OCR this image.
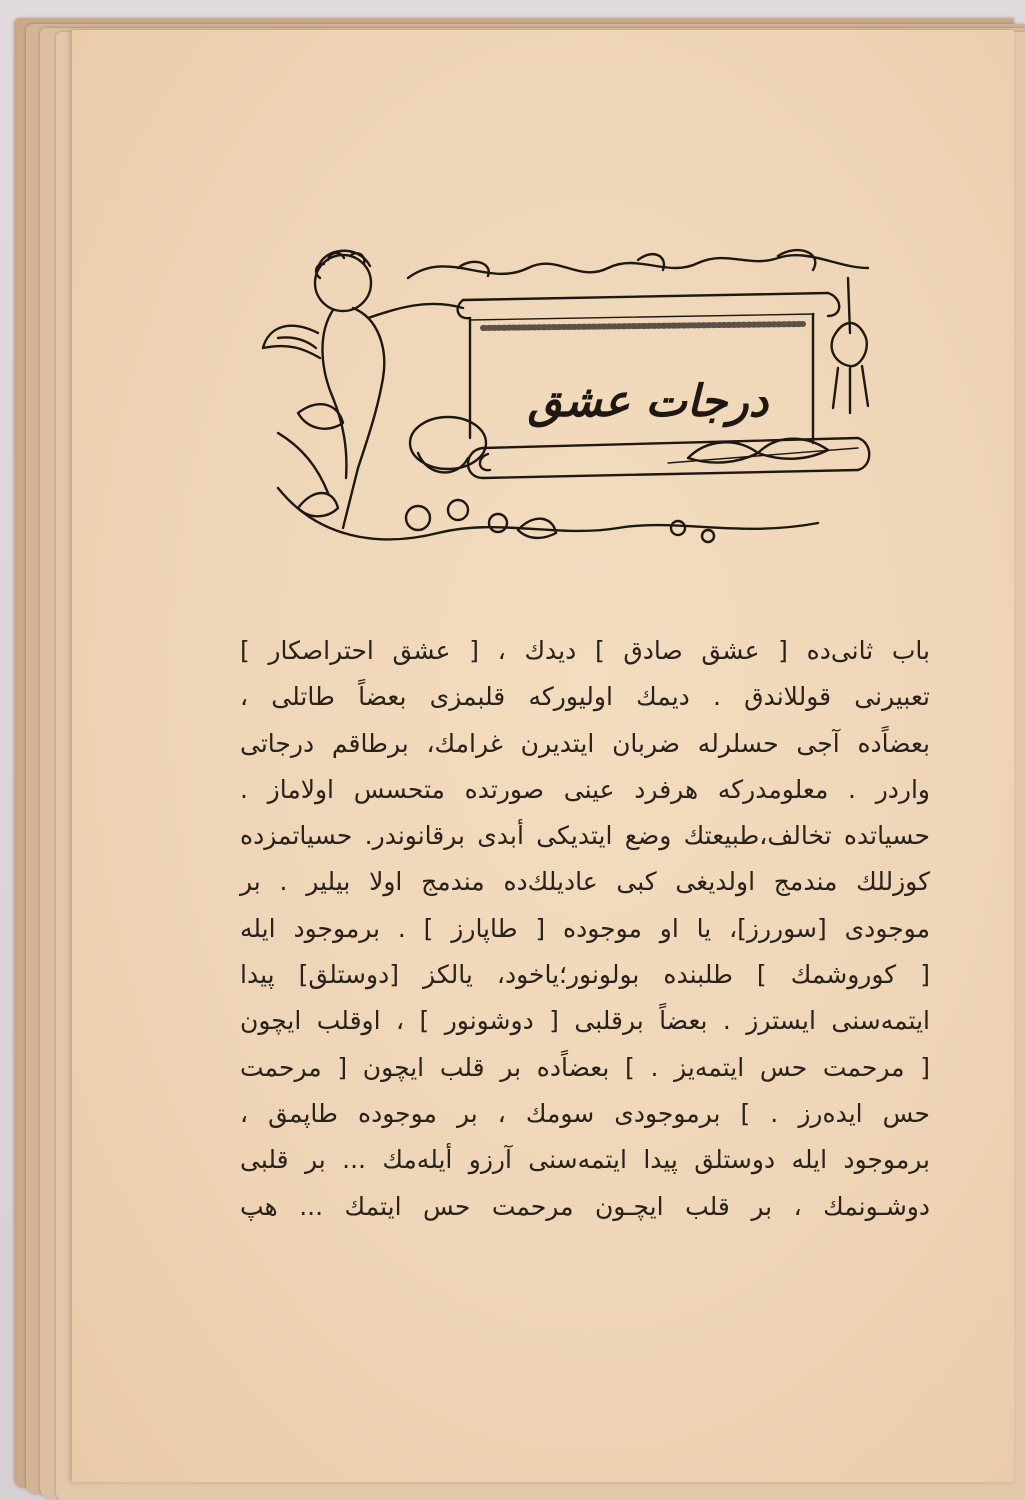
درجات عشق
باب ثانی‌ده [ عشق صادق ] دیدك ، [ عشق احتراصكار ]
تعبیرنی قوللاندق . دیمك اولیوركه قلبمزی بعضاً طاتلی ،
بعضاً‌ده آجی حسلرله ضربان ایتدیرن غرامك، برطاقم درجاتی
واردر . معلومدركه هرفرد عینی صورتده متحسس اولاماز .
حسیاتده تخالف،طبیعتك وضع ایتدیكی أبدی برقانوندر. حسیاتمزده
كوزللك مندمج اولدیغی كبی عادیلك‌ده مندمج اولا بیلیر . بر
موجودی [سوررز]، یا او موجوده [ طاپارز ] . برموجود ایله
[ كوروشمك ] طلبنده بولونور؛یاخود، یالكز [دوستلق] پیدا
ایتمه‌سنی ایسترز . بعضاً برقلبی [ دوشونور ] ، اوقلب ایچون
[ مرحمت حس ایتمه‌یز . ] بعضاً‌ده بر قلب ایچون [ مرحمت
حس ایده‌رز . ] برموجودی سومك ، بر موجوده طاپمق ،
برموجود ایله دوستلق پیدا ایتمه‌سنی آرزو أیله‌مك ... بر قلبی
دوشـونمك ، بر قلب ایچـون مرحمت حس ایتمك ... هپ
